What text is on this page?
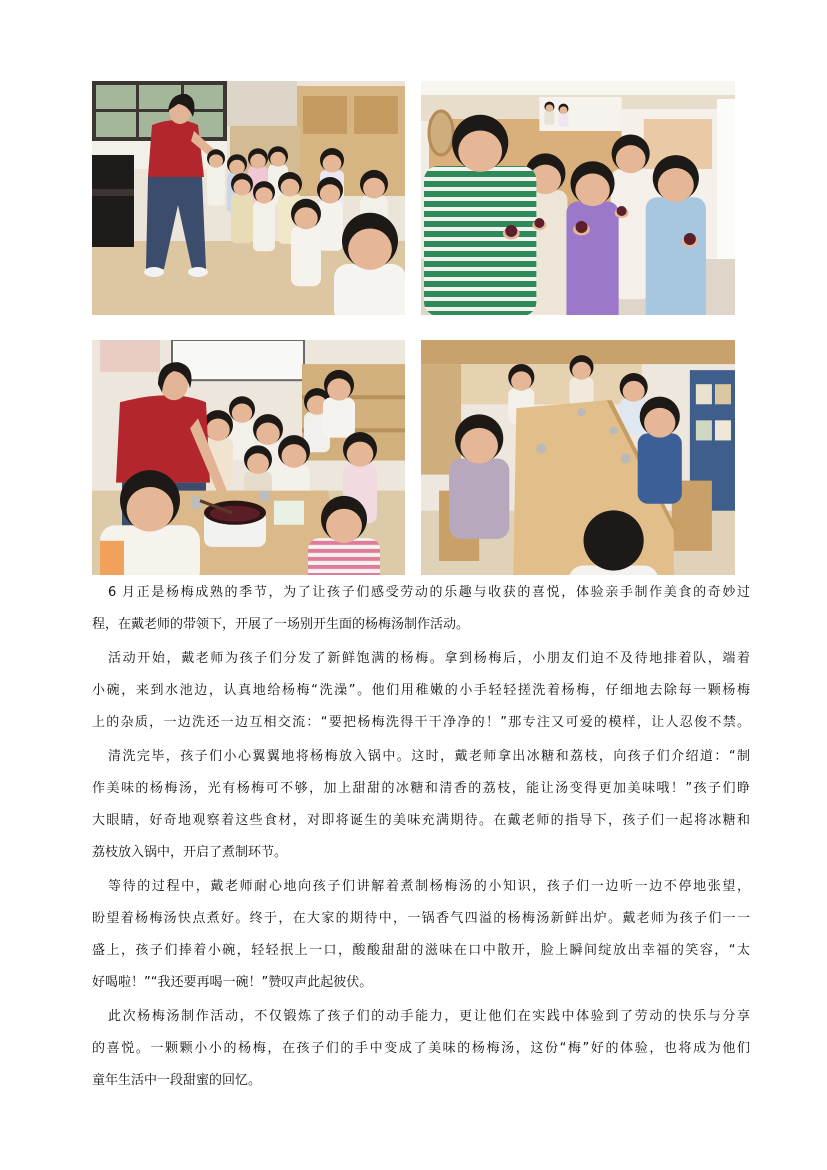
6 月正是杨梅成熟的季节，为了让孩子们感受劳动的乐趣与收获的喜悦，体验亲手制作美食的奇妙过
程，在戴老师的带领下，开展了一场别开生面的杨梅汤制作活动。
活动开始，戴老师为孩子们分发了新鲜饱满的杨梅。拿到杨梅后，小朋友们迫不及待地排着队，端着
小碗，来到水池边，认真地给杨梅“洗澡”。他们用稚嫩的小手轻轻搓洗着杨梅，仔细地去除每一颗杨梅
上的杂质，一边洗还一边互相交流：“要把杨梅洗得干干净净的！”那专注又可爱的模样，让人忍俊不禁。
清洗完毕，孩子们小心翼翼地将杨梅放入锅中。这时，戴老师拿出冰糖和荔枝，向孩子们介绍道：“制
作美味的杨梅汤，光有杨梅可不够，加上甜甜的冰糖和清香的荔枝，能让汤变得更加美味哦！”孩子们睁
大眼睛，好奇地观察着这些食材，对即将诞生的美味充满期待。在戴老师的指导下，孩子们一起将冰糖和
荔枝放入锅中，开启了煮制环节。
等待的过程中，戴老师耐心地向孩子们讲解着煮制杨梅汤的小知识，孩子们一边听一边不停地张望，
盼望着杨梅汤快点煮好。终于，在大家的期待中，一锅香气四溢的杨梅汤新鲜出炉。戴老师为孩子们一一
盛上，孩子们捧着小碗，轻轻抿上一口，酸酸甜甜的滋味在口中散开，脸上瞬间绽放出幸福的笑容，“太
好喝啦！”“我还要再喝一碗！”赞叹声此起彼伏。
此次杨梅汤制作活动，不仅锻炼了孩子们的动手能力，更让他们在实践中体验到了劳动的快乐与分享
的喜悦。一颗颗小小的杨梅，在孩子们的手中变成了美味的杨梅汤，这份“梅”好的体验，也将成为他们
童年生活中一段甜蜜的回忆。
